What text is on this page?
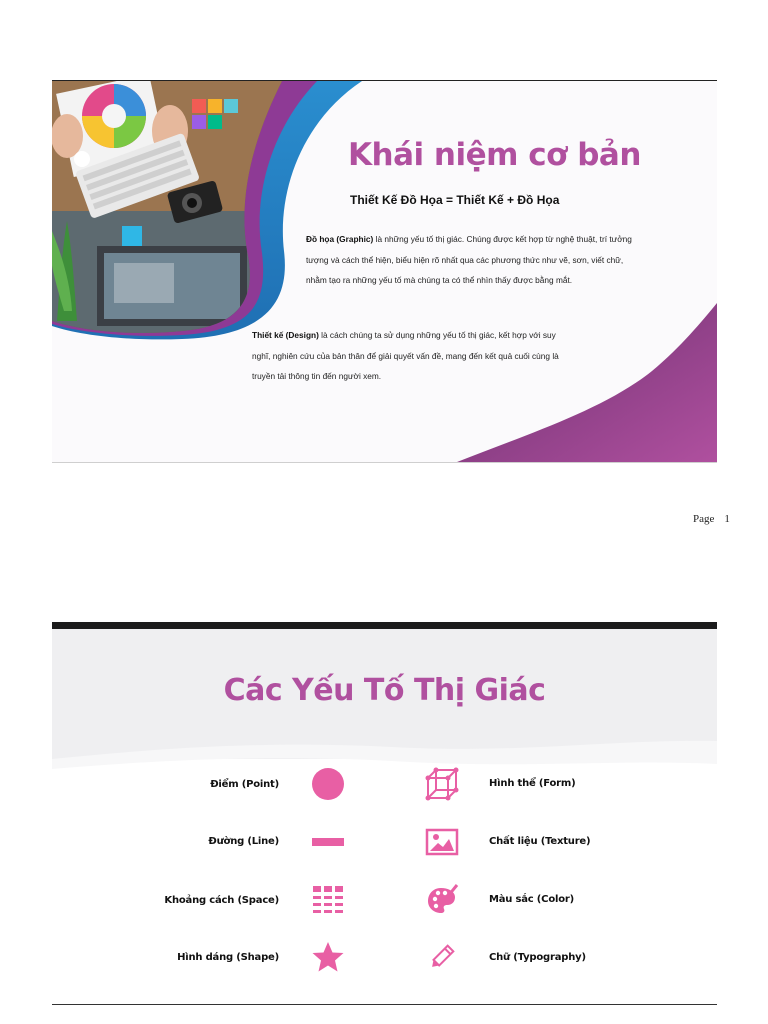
Khái niệm cơ bản
Thiết Kế Đồ Họa = Thiết Kế + Đồ Họa
Đồ họa (Graphic) là những yếu tố thị giác. Chúng được kết hợp từ nghệ thuật, trí tưởng tượng và cách thể hiện, biểu hiện rõ nhất qua các phương thức như vẽ, sơn, viết chữ, nhằm tạo ra những yếu tố mà chúng ta có thể nhìn thấy được bằng mắt.
Thiết kế (Design) là cách chúng ta sử dụng những yếu tố thị giác, kết hợp với suy nghĩ, nghiên cứu của bản thân để giải quyết vấn đề, mang đến kết quả cuối cùng là truyền tải thông tin đến người xem.
Page 1
Các Yếu Tố Thị Giác
Điểm (Point)
Đường (Line)
Khoảng cách (Space)
Hình dáng (Shape)
Hình thể (Form)
Chất liệu (Texture)
Màu sắc (Color)
Chữ (Typography)
